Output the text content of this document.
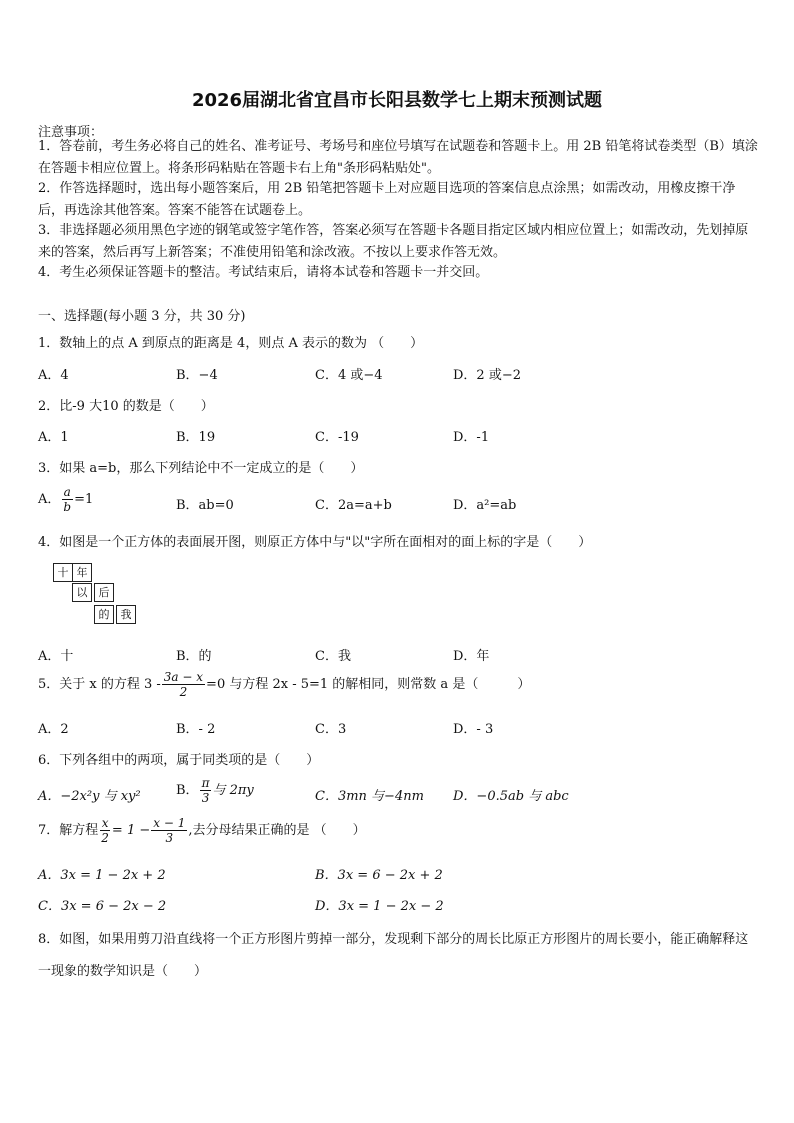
2026届湖北省宜昌市长阳县数学七上期末预测试题
注意事项：
1．答卷前，考生务必将自己的姓名、准考证号、考场号和座位号填写在试题卷和答题卡上。用 2B 铅笔将试卷类型（B）填涂在答题卡相应位置上。将条形码粘贴在答题卡右上角"条形码粘贴处"。
2．作答选择题时，选出每小题答案后，用 2B 铅笔把答题卡上对应题目选项的答案信息点涂黑；如需改动，用橡皮擦干净后，再选涂其他答案。答案不能答在试题卷上。
3．非选择题必须用黑色字迹的钢笔或签字笔作答，答案必须写在答题卡各题目指定区域内相应位置上；如需改动，先划掉原来的答案，然后再写上新答案；不准使用铅笔和涂改液。不按以上要求作答无效。
4．考生必须保证答题卡的整洁。考试结束后，请将本试卷和答题卡一并交回。
一、选择题(每小题 3 分，共 30 分)
1．数轴上的点 A 到原点的距离是 4，则点 A 表示的数为 （　　）
A．4	B．−4	C．4 或−4	D．2 或−2
2．比-9 大10 的数是（　　）
A．1	B．19	C．-19	D．-1
3．如果 a=b，那么下列结论中不一定成立的是（　　）
A． $\frac{a}{b} =1$	B．ab=0	C．2a=a+b	D．a²=ab
4．如图是一个正方体的表面展开图，则原正方体中与"以"字所在面相对的面上标的字是（　　）
十 年
以	后
的	我
A．十	B．的	C．我	D．年
5．关于 x 的方程 $3 - \frac{3a - x}{2} =0$ 与方程 2x - 5=1 的解相同，则常数 a 是（　　　）
A．2	B．- 2	C．3	D．- 3
6．下列各组中的两项，属于同类项的是（　　）
A．−2x²y 与 xy²	B． $\frac{\pi}{3}$ 与 2πy	C．3mn 与−4nm D．−0.5ab 与 abc
7．解方程 $\frac{x}{2} = 1 - \frac{x - 1}{3}$ ,去分母结果正确的是 （　　）
A．3x = 1 − 2x + 2	B．3x = 6 − 2x + 2
C．3x = 6 − 2x − 2	D．3x = 1 − 2x − 2
8．如图，如果用剪刀沿直线将一个正方形图片剪掉一部分，发现剩下部分的周长比原正方形图片的周长要小，能正确解释这一现象的数学知识是（　　）
